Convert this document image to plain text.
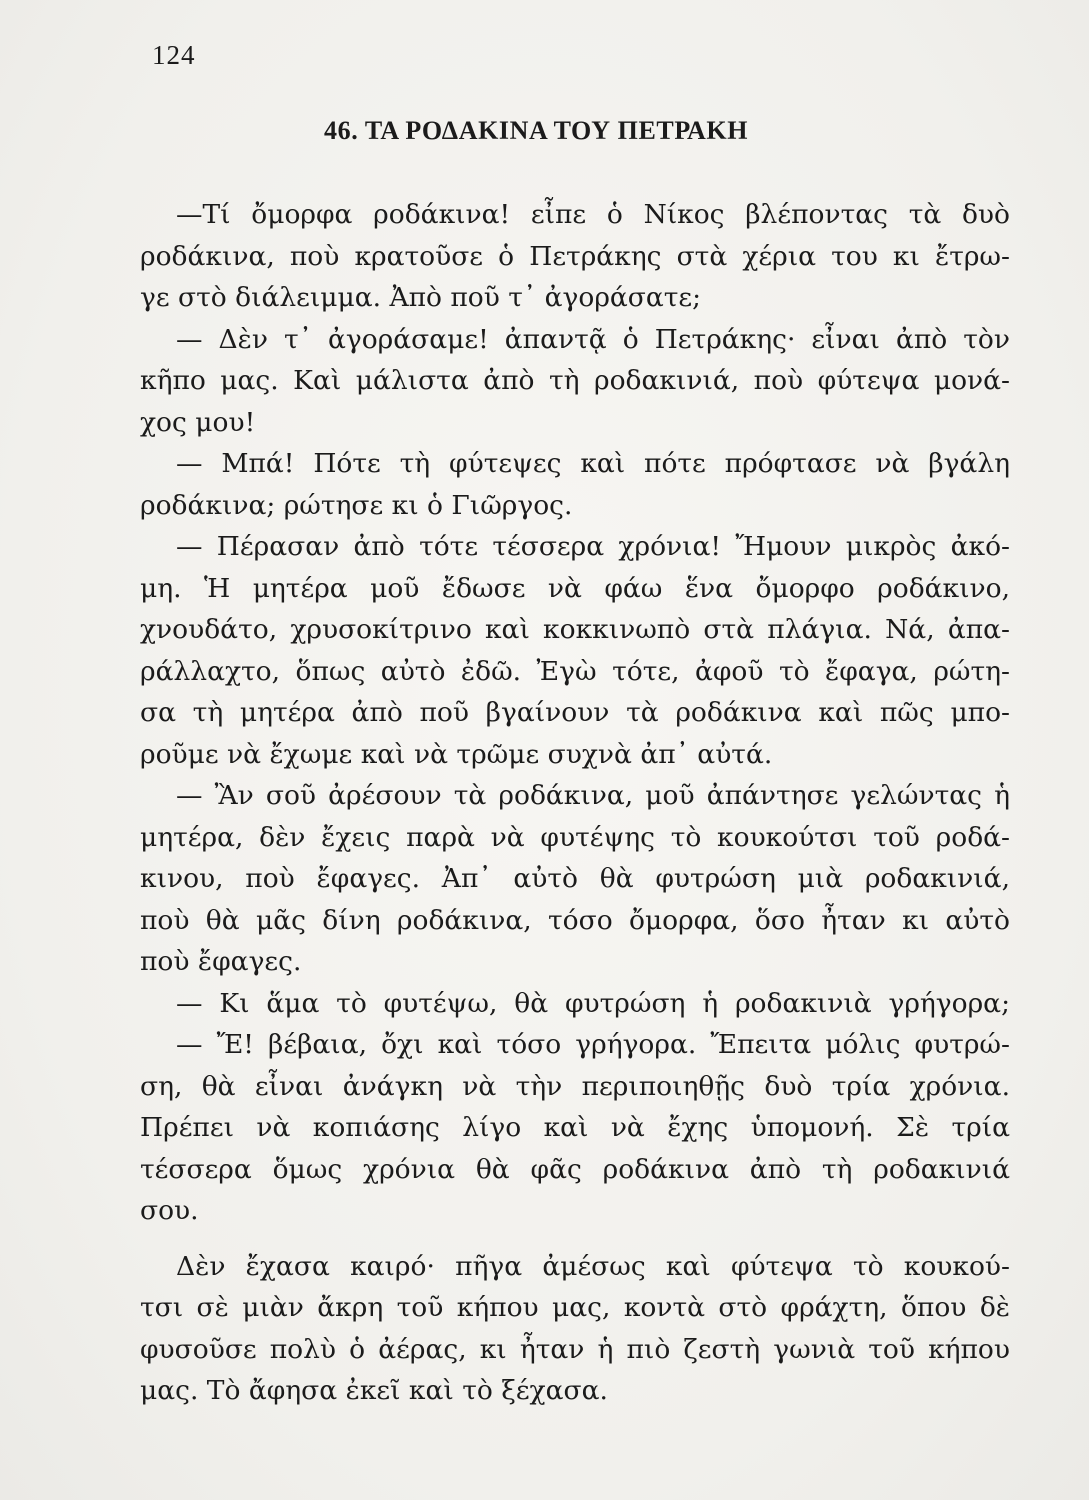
124
46. ΤΑ ΡΟΔΑΚΙΝΑ ΤΟΥ ΠΕΤΡΑΚΗ
—Τί ὄμορφα ροδάκινα! εἶπε ὁ Νίκος βλέποντας τὰ δυὸ
ροδάκινα, ποὺ κρατοῦσε ὁ Πετράκης στὰ χέρια του κι ἔτρω-
γε στὸ διάλειμμα. Ἀπὸ ποῦ τ᾽ ἀγοράσατε;
— Δὲν τ᾽ ἀγοράσαμε! ἀπαντᾷ ὁ Πετράκης· εἶναι ἀπὸ τὸν
κῆπο μας. Καὶ μάλιστα ἀπὸ τὴ ροδακινιά, ποὺ φύτεψα μονά-
χος μου!
— Μπά! Πότε τὴ φύτεψες καὶ πότε πρόφτασε νὰ βγάλη
ροδάκινα; ρώτησε κι ὁ Γιῶργος.
— Πέρασαν ἀπὸ τότε τέσσερα χρόνια! Ἤμουν μικρὸς ἀκό-
μη. Ἡ μητέρα μοῦ ἔδωσε νὰ φάω ἕνα ὄμορφο ροδάκινο,
χνουδάτο, χρυσοκίτρινο καὶ κοκκινωπὸ στὰ πλάγια. Νά, ἀπα-
ράλλαχτο, ὅπως αὐτὸ ἐδῶ. Ἐγὼ τότε, ἀφοῦ τὸ ἔφαγα, ρώτη-
σα τὴ μητέρα ἀπὸ ποῦ βγαίνουν τὰ ροδάκινα καὶ πῶς μπο-
ροῦμε νὰ ἔχωμε καὶ νὰ τρῶμε συχνὰ ἀπ᾽ αὐτά.
— Ἂν σοῦ ἀρέσουν τὰ ροδάκινα, μοῦ ἀπάντησε γελώντας ἡ
μητέρα, δὲν ἔχεις παρὰ νὰ φυτέψης τὸ κουκούτσι τοῦ ροδά-
κινου, ποὺ ἔφαγες. Ἀπ᾽ αὐτὸ θὰ φυτρώση μιὰ ροδακινιά,
ποὺ θὰ μᾶς δίνη ροδάκινα, τόσο ὄμορφα, ὅσο ἦταν κι αὐτὸ
ποὺ ἔφαγες.
— Κι ἅμα τὸ φυτέψω, θὰ φυτρώση ἡ ροδακινιὰ γρήγορα;
— Ἔ! βέβαια, ὄχι καὶ τόσο γρήγορα. Ἔπειτα μόλις φυτρώ-
ση, θὰ εἶναι ἀνάγκη νὰ τὴν περιποιηθῇς δυὸ τρία χρόνια.
Πρέπει νὰ κοπιάσης λίγο καὶ νὰ ἔχης ὑπομονή. Σὲ τρία
τέσσερα ὅμως χρόνια θὰ φᾶς ροδάκινα ἀπὸ τὴ ροδακινιά
σου.
Δὲν ἔχασα καιρό· πῆγα ἀμέσως καὶ φύτεψα τὸ κουκού-
τσι σὲ μιὰν ἄκρη τοῦ κήπου μας, κοντὰ στὸ φράχτη, ὅπου δὲ
φυσοῦσε πολὺ ὁ ἀέρας, κι ἦταν ἡ πιὸ ζεστὴ γωνιὰ τοῦ κήπου
μας. Τὸ ἄφησα ἐκεῖ καὶ τὸ ξέχασα.
